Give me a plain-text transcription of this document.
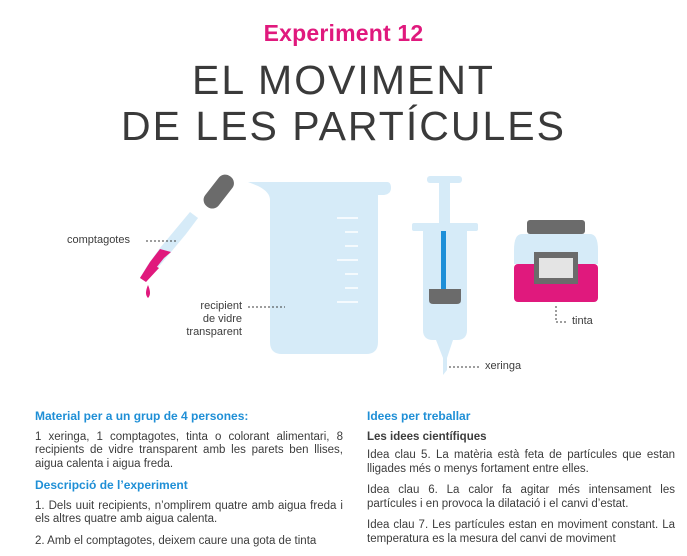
Experiment 12
EL MOVIMENT
DE LES PARTÍCULES
comptagotes
recipient
de vidre
transparent
xeringa
tinta
Material per a un grup de 4 persones:
1 xeringa, 1 comptagotes, tinta o colorant alimentari, 8 recipients de vidre transparent amb les parets ben llises, aigua calenta i aigua freda.
Descripció de l’experiment
1. Dels uuit recipients, n’omplirem quatre amb aigua freda i els altres quatre amb aigua calenta.
2. Amb el comptagotes, deixem caure una gota de tinta
Idees per treballar
Les idees científiques
Idea clau 5. La matèria està feta de partícules que estan lligades més o menys fortament entre elles.
Idea clau 6. La calor fa agitar més intensament les partícules i en provoca la dilatació i el canvi d’estat.
Idea clau 7. Les partícules estan en moviment constant. La temperatura es la mesura del canvi de moviment
